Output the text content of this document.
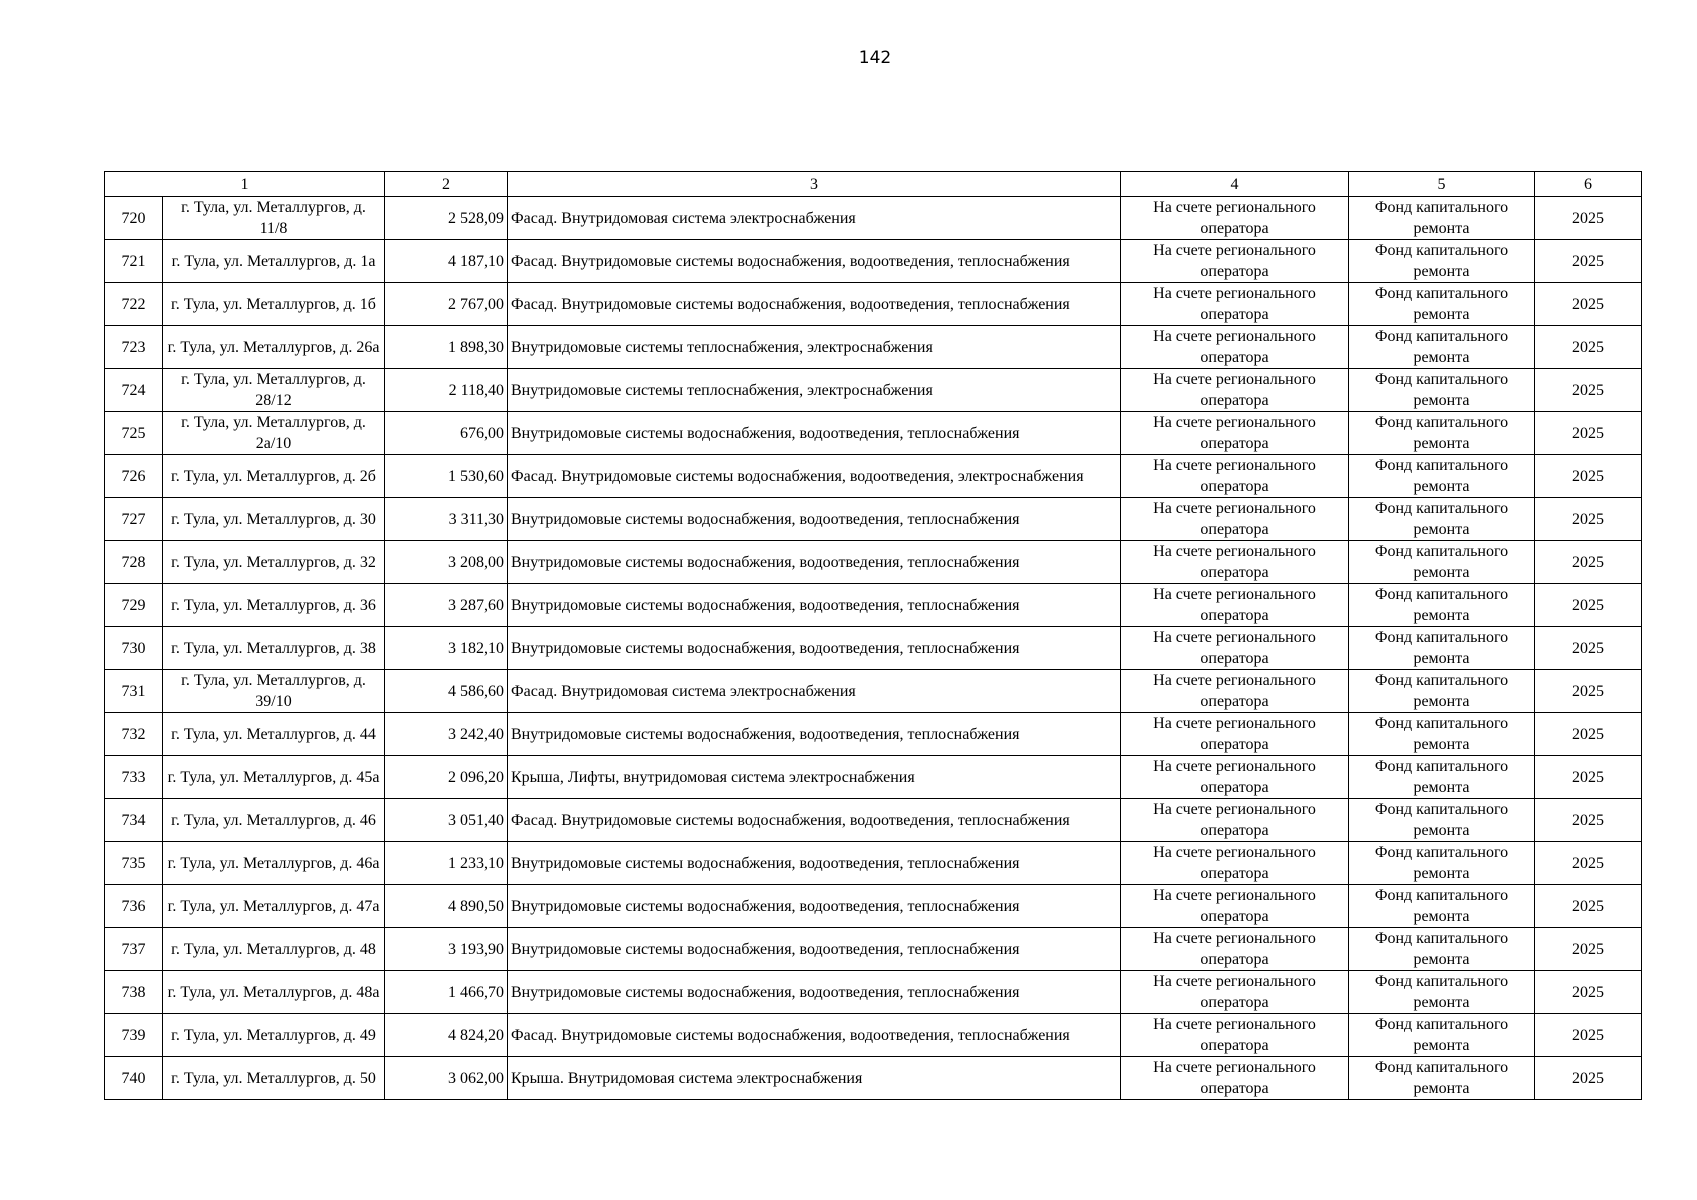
142
1		2	3	4	5	6
720	г. Тула, ул. Металлургов, д. 11/8	2 528,09	Фасад. Внутридомовая система электроснабжения	На счете регионального оператора	Фонд капитального ремонта	2025
721	г. Тула, ул. Металлургов, д. 1а	4 187,10	Фасад. Внутридомовые системы водоснабжения, водоотведения, теплоснабжения	На счете регионального оператора	Фонд капитального ремонта	2025
722	г. Тула, ул. Металлургов, д. 1б	2 767,00	Фасад. Внутридомовые системы водоснабжения, водоотведения, теплоснабжения	На счете регионального оператора	Фонд капитального ремонта	2025
723	г. Тула, ул. Металлургов, д. 26а	1 898,30	Внутридомовые системы теплоснабжения, электроснабжения	На счете регионального оператора	Фонд капитального ремонта	2025
724	г. Тула, ул. Металлургов, д. 28/12	2 118,40	Внутридомовые системы теплоснабжения, электроснабжения	На счете регионального оператора	Фонд капитального ремонта	2025
725	г. Тула, ул. Металлургов, д. 2а/10	676,00	Внутридомовые системы водоснабжения, водоотведения, теплоснабжения	На счете регионального оператора	Фонд капитального ремонта	2025
726	г. Тула, ул. Металлургов, д. 2б	1 530,60	Фасад. Внутридомовые системы водоснабжения, водоотведения, электроснабжения	На счете регионального оператора	Фонд капитального ремонта	2025
727	г. Тула, ул. Металлургов, д. 30	3 311,30	Внутридомовые системы водоснабжения, водоотведения, теплоснабжения	На счете регионального оператора	Фонд капитального ремонта	2025
728	г. Тула, ул. Металлургов, д. 32	3 208,00	Внутридомовые системы водоснабжения, водоотведения, теплоснабжения	На счете регионального оператора	Фонд капитального ремонта	2025
729	г. Тула, ул. Металлургов, д. 36	3 287,60	Внутридомовые системы водоснабжения, водоотведения, теплоснабжения	На счете регионального оператора	Фонд капитального ремонта	2025
730	г. Тула, ул. Металлургов, д. 38	3 182,10	Внутридомовые системы водоснабжения, водоотведения, теплоснабжения	На счете регионального оператора	Фонд капитального ремонта	2025
731	г. Тула, ул. Металлургов, д. 39/10	4 586,60	Фасад. Внутридомовая система электроснабжения	На счете регионального оператора	Фонд капитального ремонта	2025
732	г. Тула, ул. Металлургов, д. 44	3 242,40	Внутридомовые системы водоснабжения, водоотведения, теплоснабжения	На счете регионального оператора	Фонд капитального ремонта	2025
733	г. Тула, ул. Металлургов, д. 45а	2 096,20	Крыша, Лифты, внутридомовая система электроснабжения	На счете регионального оператора	Фонд капитального ремонта	2025
734	г. Тула, ул. Металлургов, д. 46	3 051,40	Фасад. Внутридомовые системы водоснабжения, водоотведения, теплоснабжения	На счете регионального оператора	Фонд капитального ремонта	2025
735	г. Тула, ул. Металлургов, д. 46а	1 233,10	Внутридомовые системы водоснабжения, водоотведения, теплоснабжения	На счете регионального оператора	Фонд капитального ремонта	2025
736	г. Тула, ул. Металлургов, д. 47а	4 890,50	Внутридомовые системы водоснабжения, водоотведения, теплоснабжения	На счете регионального оператора	Фонд капитального ремонта	2025
737	г. Тула, ул. Металлургов, д. 48	3 193,90	Внутридомовые системы водоснабжения, водоотведения, теплоснабжения	На счете регионального оператора	Фонд капитального ремонта	2025
738	г. Тула, ул. Металлургов, д. 48а	1 466,70	Внутридомовые системы водоснабжения, водоотведения, теплоснабжения	На счете регионального оператора	Фонд капитального ремонта	2025
739	г. Тула, ул. Металлургов, д. 49	4 824,20	Фасад. Внутридомовые системы водоснабжения, водоотведения, теплоснабжения	На счете регионального оператора	Фонд капитального ремонта	2025
740	г. Тула, ул. Металлургов, д. 50	3 062,00	Крыша. Внутридомовая система электроснабжения	На счете регионального оператора	Фонд капитального ремонта	2025
